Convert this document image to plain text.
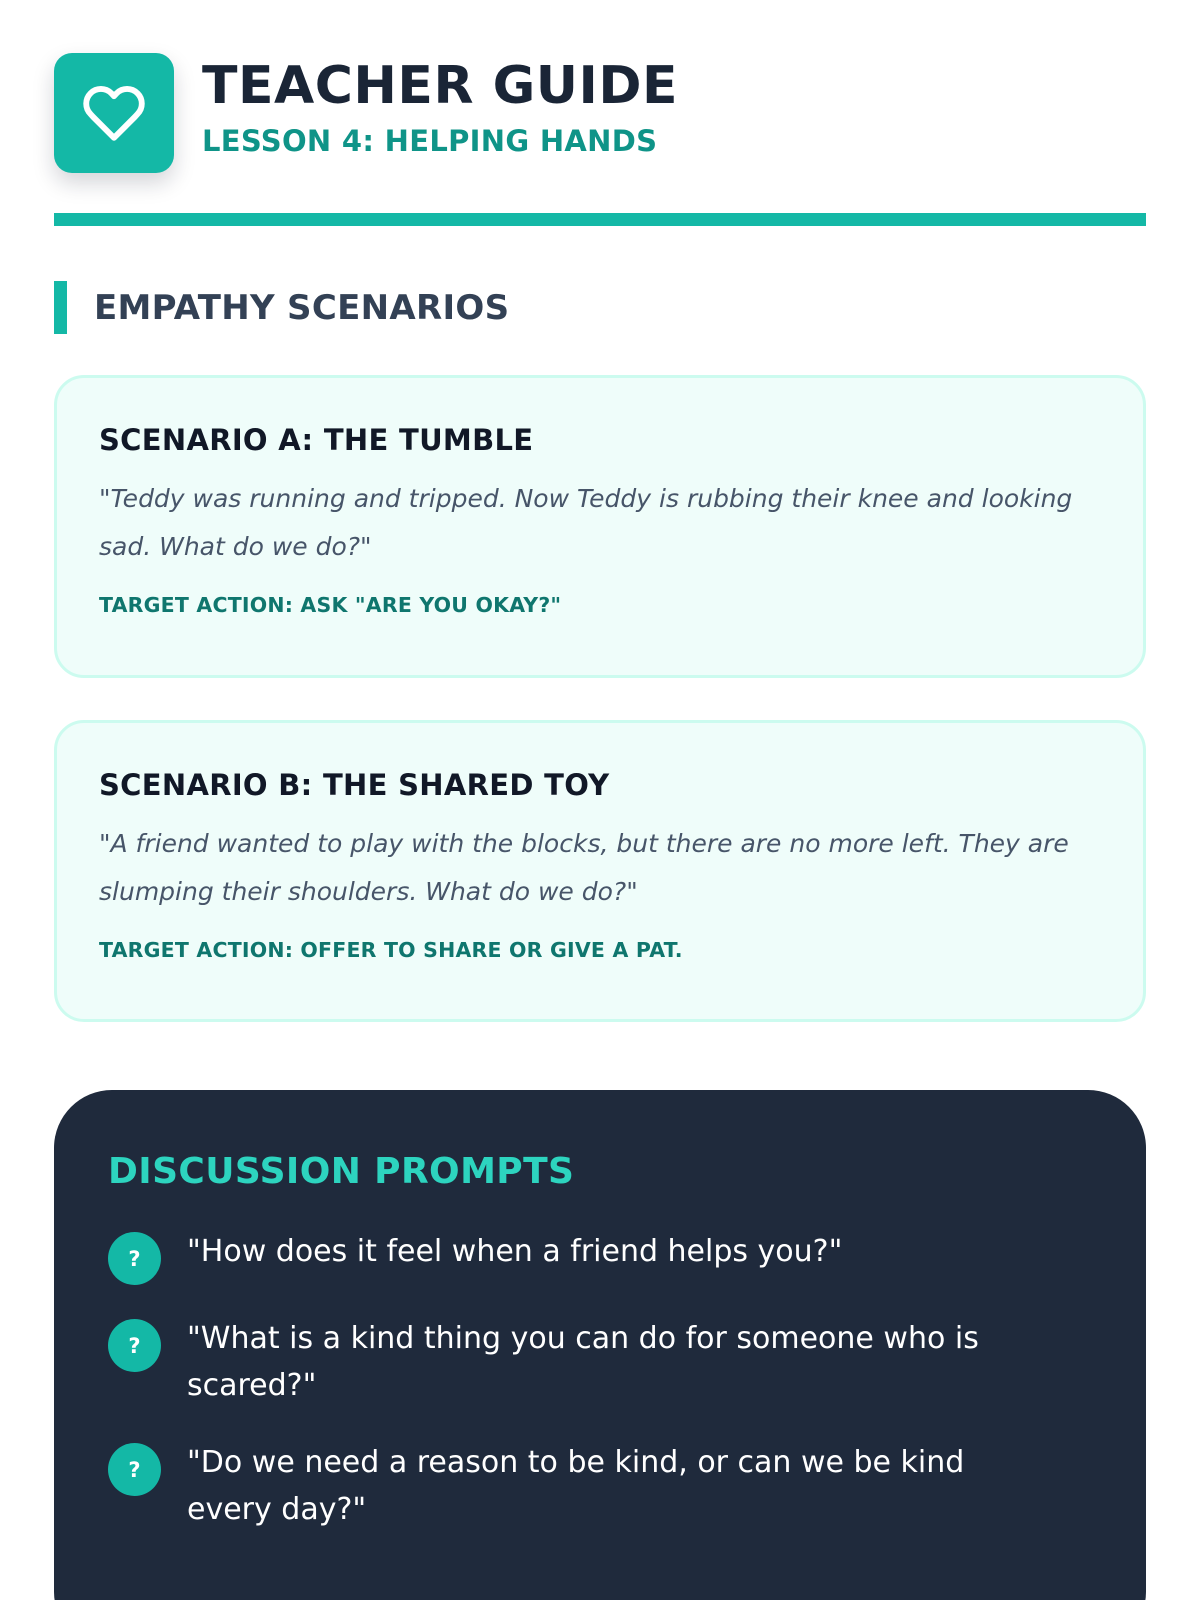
TEACHER GUIDE
LESSON 4: HELPING HANDS
EMPATHY SCENARIOS
SCENARIO A: THE TUMBLE

"Teddy was running and tripped. Now Teddy is rubbing their knee and looking sad. What do we do?"

TARGET ACTION: ASK "ARE YOU OKAY?"
SCENARIO B: THE SHARED TOY

"A friend wanted to play with the blocks, but there are no more left. They are slumping their shoulders. What do we do?"

TARGET ACTION: OFFER TO SHARE OR GIVE A PAT.
DISCUSSION PROMPTS
?	"How does it feel when a friend helps you?"
?	"What is a kind thing you can do for someone who is scared?"
?	"Do we need a reason to be kind, or can we be kind every day?"
